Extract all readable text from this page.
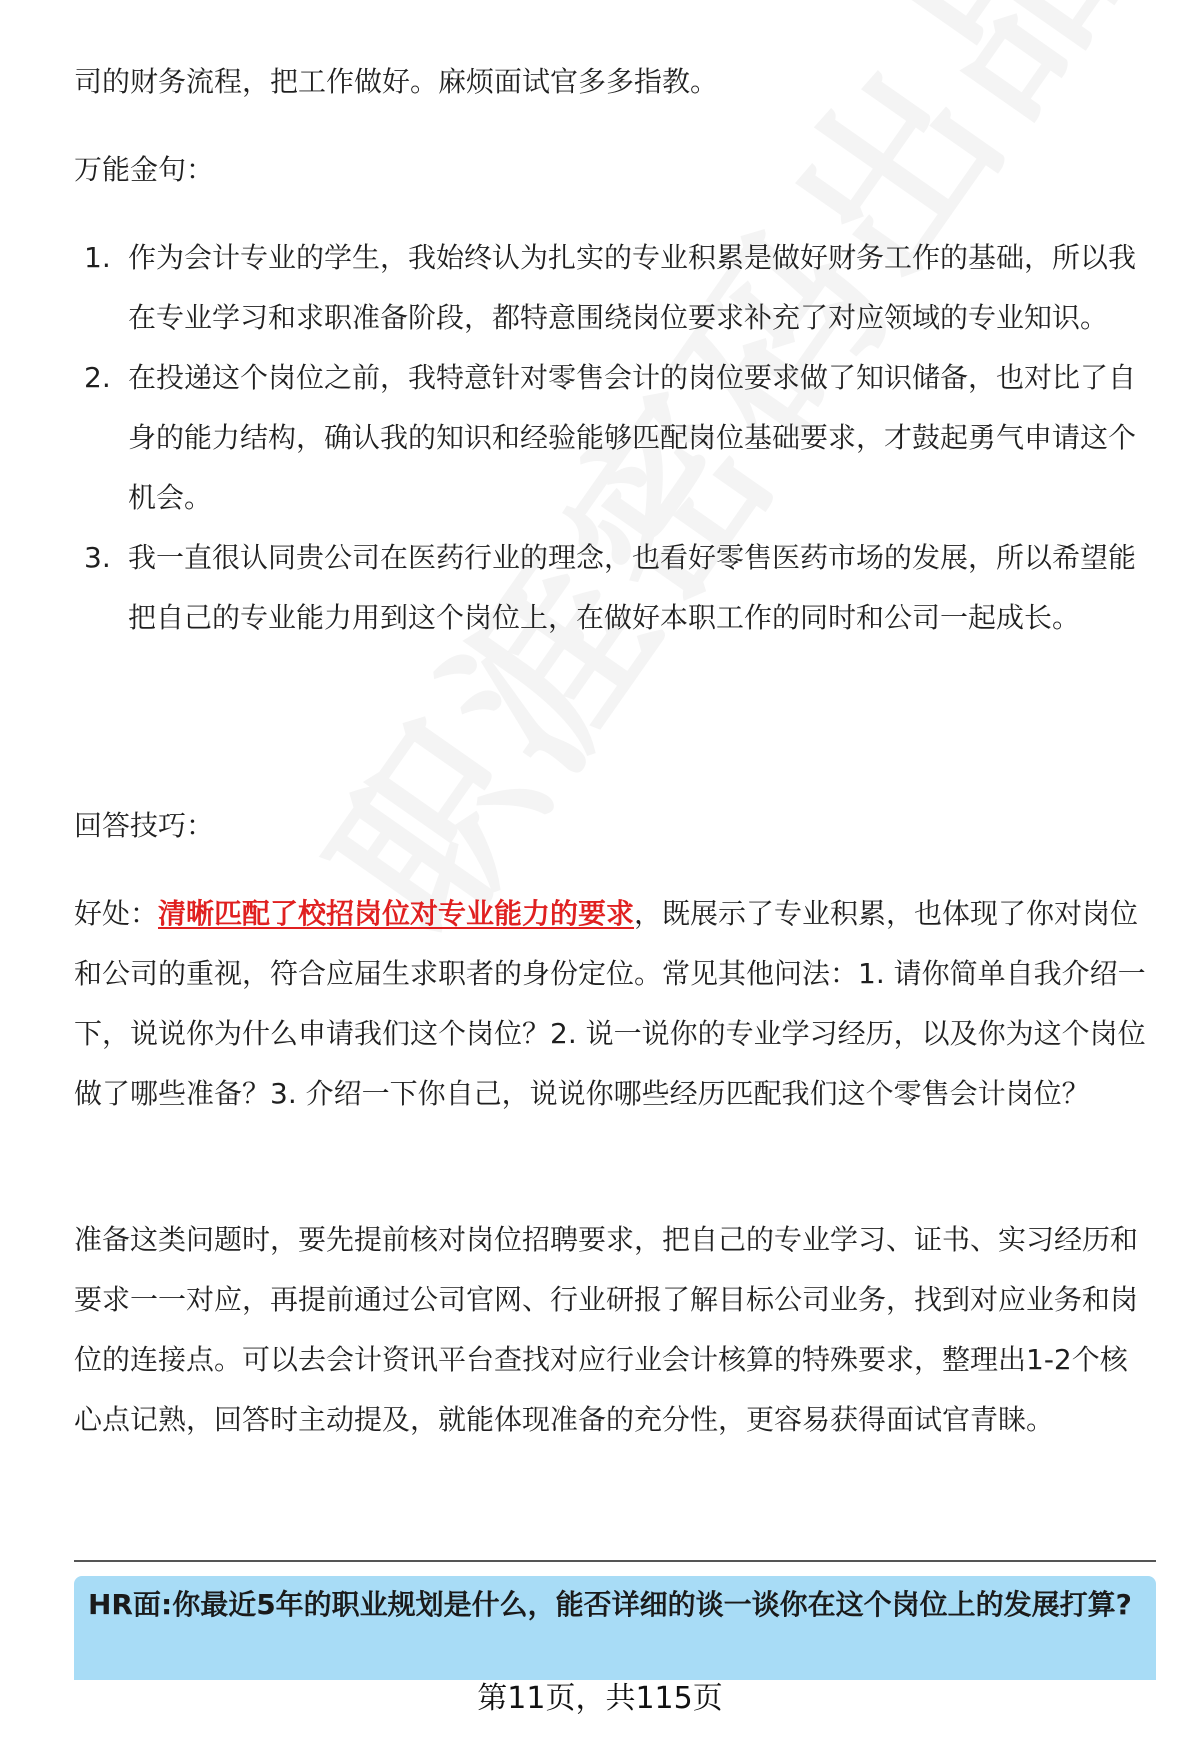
司的财务流程，把工作做好。麻烦面试官多多指教。

万能金句：

1. 作为会计专业的学生，我始终认为扎实的专业积累是做好财务工作的基础，所以我在专业学习和求职准备阶段，都特意围绕岗位要求补充了对应领域的专业知识。
2. 在投递这个岗位之前，我特意针对零售会计的岗位要求做了知识储备，也对比了自身的能力结构，确认我的知识和经验能够匹配岗位基础要求，才鼓起勇气申请这个机会。
3. 我一直很认同贵公司在医药行业的理念，也看好零售医药市场的发展，所以希望能把自己的专业能力用到这个岗位上，在做好本职工作的同时和公司一起成长。

回答技巧：

好处：清晰匹配了校招岗位对专业能力的要求，既展示了专业积累，也体现了你对岗位和公司的重视，符合应届生求职者的身份定位。常见其他问法：1. 请你简单自我介绍一下，说说你为什么申请我们这个岗位？2. 说一说你的专业学习经历，以及你为这个岗位做了哪些准备？3. 介绍一下你自己，说说你哪些经历匹配我们这个零售会计岗位？

准备这类问题时，要先提前核对岗位招聘要求，把自己的专业学习、证书、实习经历和要求一一对应，再提前通过公司官网、行业研报了解目标公司业务，找到对应业务和岗位的连接点。可以去会计资讯平台查找对应行业会计核算的特殊要求，整理出1-2个核心点记熟，回答时主动提及，就能体现准备的充分性，更容易获得面试官青睐。

HR面:你最近5年的职业规划是什么，能否详细的谈一谈你在这个岗位上的发展打算?
第11页，共115页
